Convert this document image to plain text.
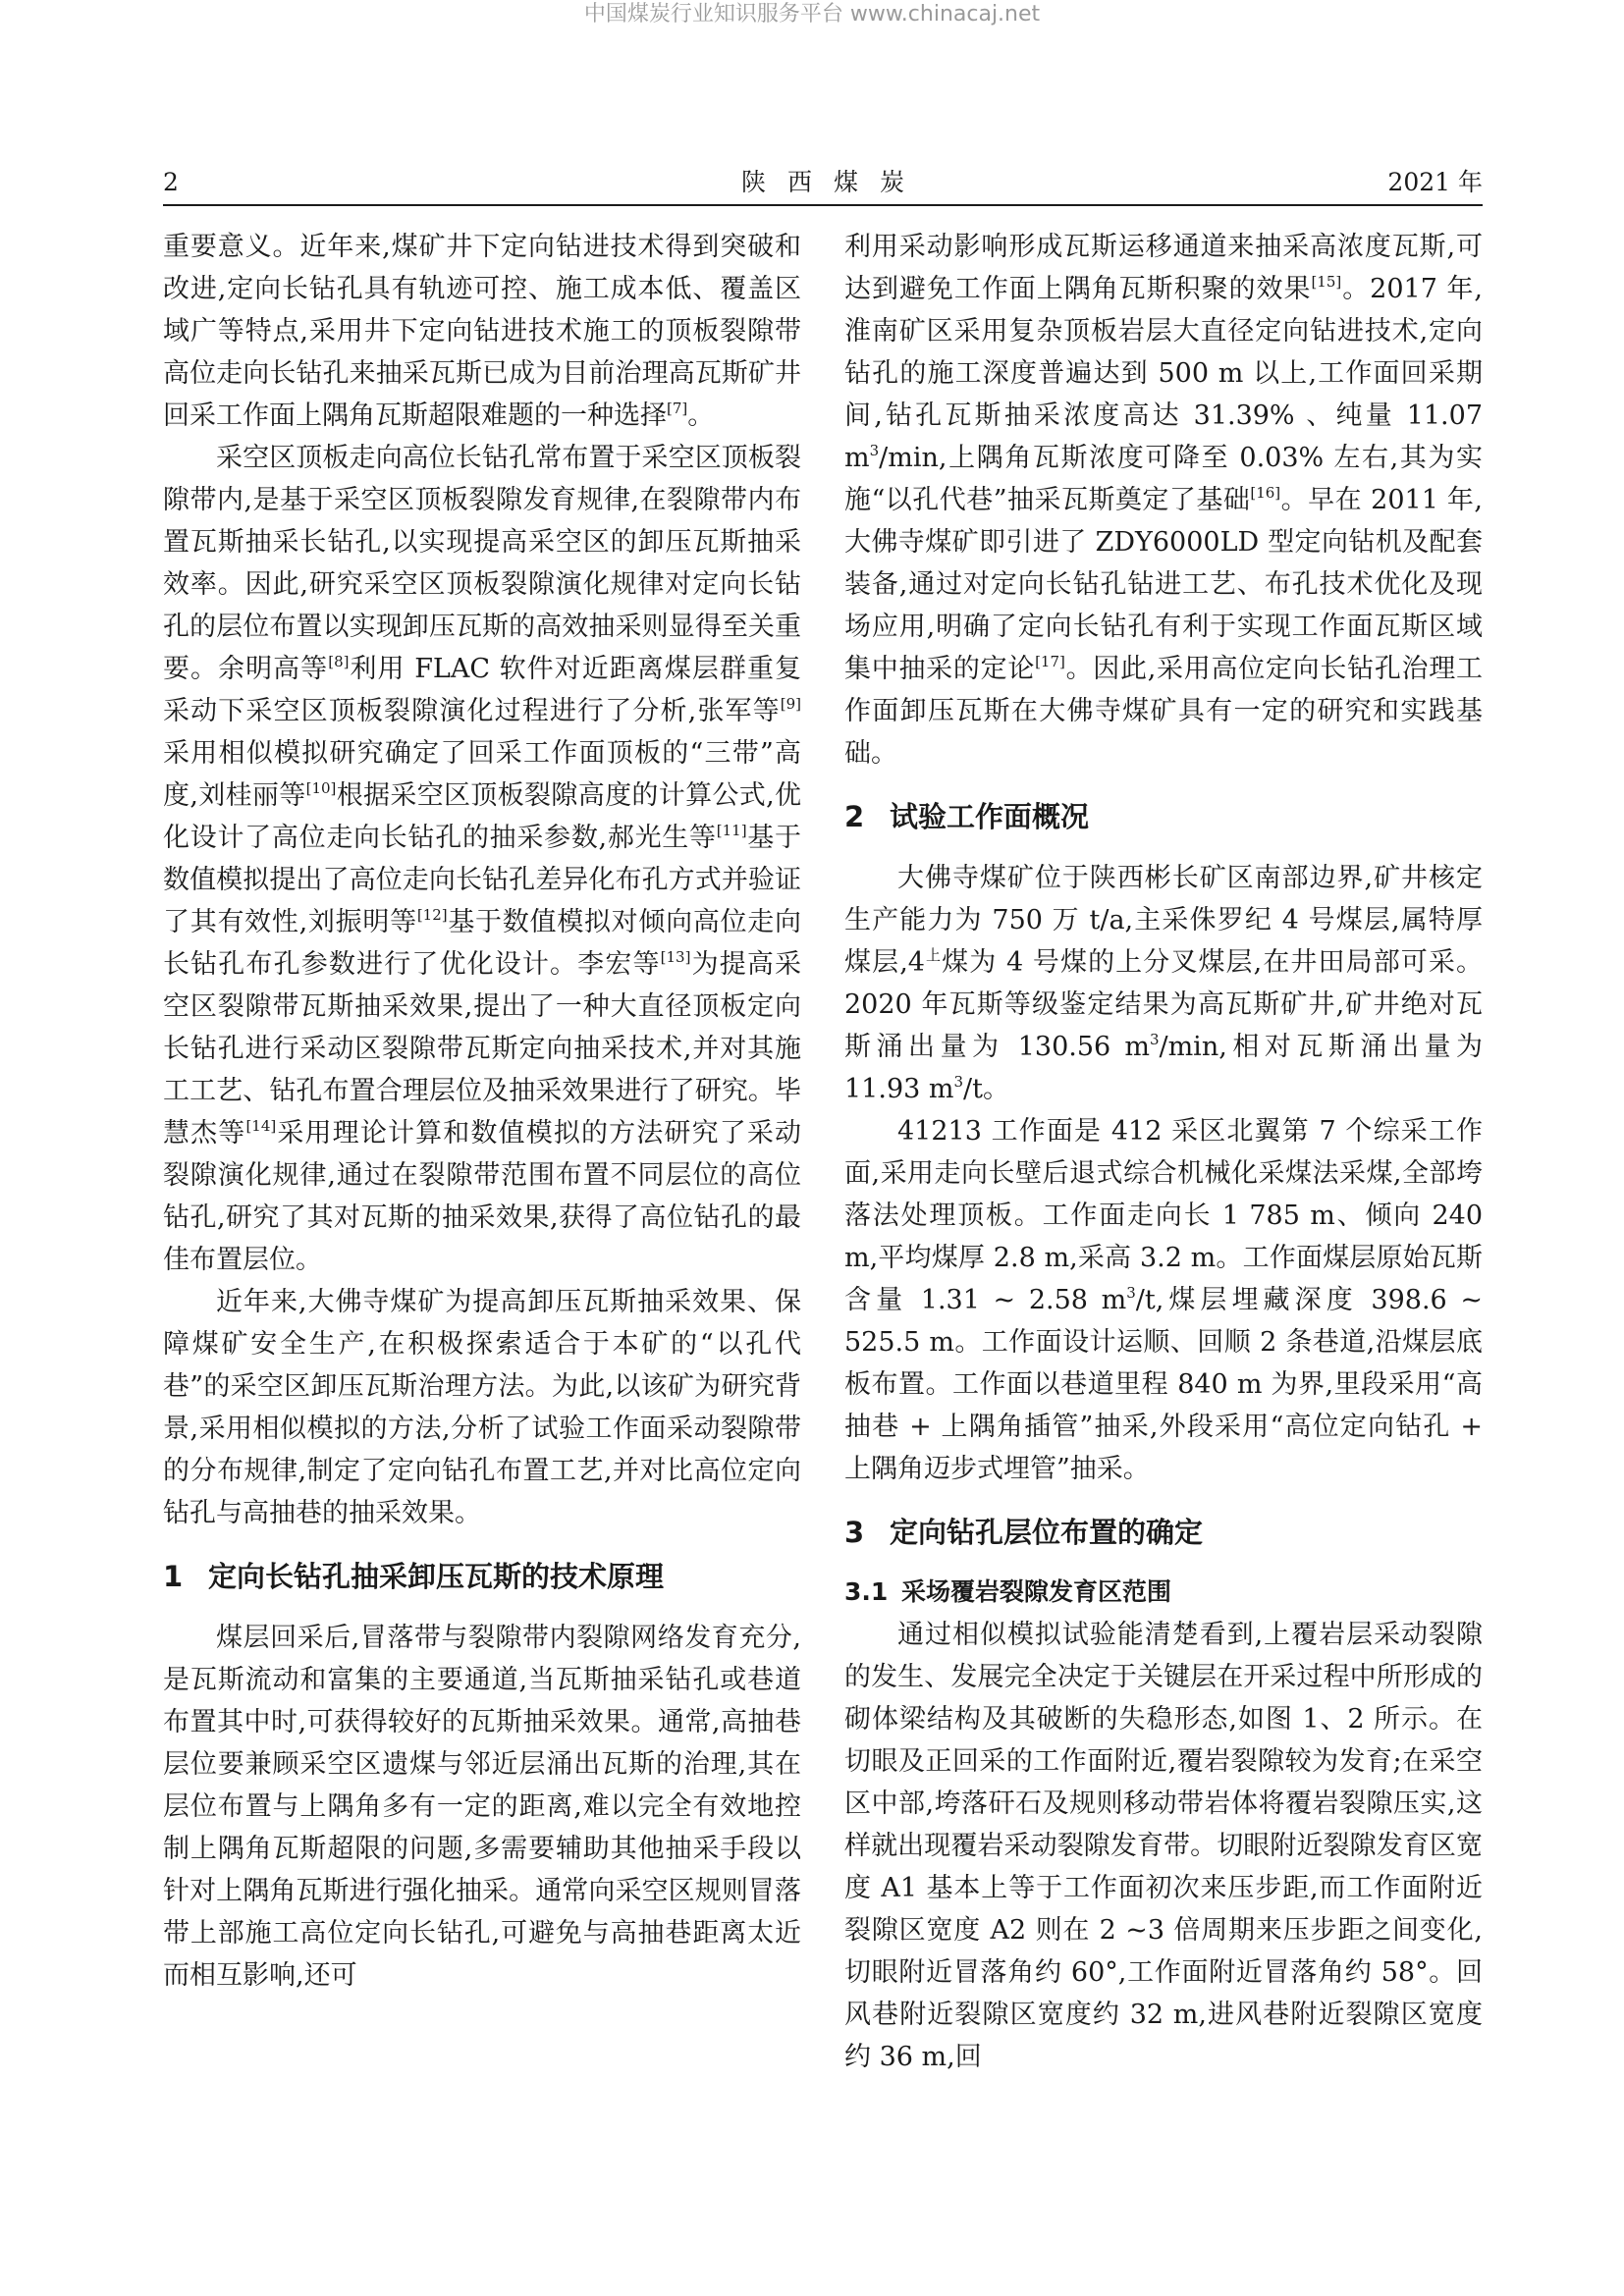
中国煤炭行业知识服务平台 www.chinacaj.net
2	陕西煤炭	2021 年

重要意义。近年来,煤矿井下定向钻进技术得到突破和改进,定向长钻孔具有轨迹可控、施工成本低、覆盖区域广等特点,采用井下定向钻进技术施工的顶板裂隙带高位走向长钻孔来抽采瓦斯已成为目前治理高瓦斯矿井回采工作面上隅角瓦斯超限难题的一种选择[7]。

采空区顶板走向高位长钻孔常布置于采空区顶板裂隙带内,是基于采空区顶板裂隙发育规律,在裂隙带内布置瓦斯抽采长钻孔,以实现提高采空区的卸压瓦斯抽采效率。因此,研究采空区顶板裂隙演化规律对定向长钻孔的层位布置以实现卸压瓦斯的高效抽采则显得至关重要。余明高等[8]利用 FLAC 软件对近距离煤层群重复采动下采空区顶板裂隙演化过程进行了分析,张军等[9]采用相似模拟研究确定了回采工作面顶板的“三带”高度,刘桂丽等[10]根据采空区顶板裂隙高度的计算公式,优化设计了高位走向长钻孔的抽采参数,郝光生等[11]基于数值模拟提出了高位走向长钻孔差异化布孔方式并验证了其有效性,刘振明等[12]基于数值模拟对倾向高位走向长钻孔布孔参数进行了优化设计。李宏等[13]为提高采空区裂隙带瓦斯抽采效果,提出了一种大直径顶板定向长钻孔进行采动区裂隙带瓦斯定向抽采技术,并对其施工工艺、钻孔布置合理层位及抽采效果进行了研究。毕慧杰等[14]采用理论计算和数值模拟的方法研究了采动裂隙演化规律,通过在裂隙带范围布置不同层位的高位钻孔,研究了其对瓦斯的抽采效果,获得了高位钻孔的最佳布置层位。

近年来,大佛寺煤矿为提高卸压瓦斯抽采效果、保障煤矿安全生产,在积极探索适合于本矿的“以孔代巷”的采空区卸压瓦斯治理方法。为此,以该矿为研究背景,采用相似模拟的方法,分析了试验工作面采动裂隙带的分布规律,制定了定向钻孔布置工艺,并对比高位定向钻孔与高抽巷的抽采效果。

1 定向长钻孔抽采卸压瓦斯的技术原理

煤层回采后,冒落带与裂隙带内裂隙网络发育充分,是瓦斯流动和富集的主要通道,当瓦斯抽采钻孔或巷道布置其中时,可获得较好的瓦斯抽采效果。通常,高抽巷层位要兼顾采空区遗煤与邻近层涌出瓦斯的治理,其在层位布置与上隅角多有一定的距离,难以完全有效地控制上隅角瓦斯超限的问题,多需要辅助其他抽采手段以针对上隅角瓦斯进行强化抽采。通常向采空区规则冒落带上部施工高位定向长钻孔,可避免与高抽巷距离太近而相互影响,还可

利用采动影响形成瓦斯运移通道来抽采高浓度瓦斯,可达到避免工作面上隅角瓦斯积聚的效果[15]。2017 年,淮南矿区采用复杂顶板岩层大直径定向钻进技术,定向钻孔的施工深度普遍达到 500 m 以上,工作面回采期间,钻孔瓦斯抽采浓度高达 31.39% 、纯量 11.07 $m^3/\min$,上隅角瓦斯浓度可降至 0.03% 左右,其为实施“以孔代巷”抽采瓦斯奠定了基础[16]。早在 2011 年,大佛寺煤矿即引进了 ZDY6000LD 型定向钻机及配套装备,通过对定向长钻孔钻进工艺、布孔技术优化及现场应用,明确了定向长钻孔有利于实现工作面瓦斯区域集中抽采的定论[17]。因此,采用高位定向长钻孔治理工作面卸压瓦斯在大佛寺煤矿具有一定的研究和实践基础。

2 试验工作面概况

大佛寺煤矿位于陕西彬长矿区南部边界,矿井核定生产能力为 750 万 t/a,主采侏罗纪 4 号煤层,属特厚煤层$,4^上$煤为 4 号煤的上分叉煤层,在井田局部可采。2020 年瓦斯等级鉴定结果为高瓦斯矿井,矿井绝对瓦斯涌出量为 130.56 $m^3/\min$,相对瓦斯涌出量为 11.93 $m^3/t$。

41213 工作面是 412 采区北翼第 7 个综采工作面,采用走向长壁后退式综合机械化采煤法采煤,全部垮落法处理顶板。工作面走向长 1 785 m、倾向 240 m,平均煤厚 2.8 m,采高 3.2 m。工作面煤层原始瓦斯含量 1.31 ~ 2.58 $m^3/t$,煤层埋藏深度 398.6 ~ 525.5 m。工作面设计运顺、回顺 2 条巷道,沿煤层底板布置。工作面以巷道里程 840 m 为界,里段采用“高抽巷 + 上隅角插管”抽采,外段采用“高位定向钻孔 + 上隅角迈步式埋管”抽采。

3 定向钻孔层位布置的确定
3.1 采场覆岩裂隙发育区范围

通过相似模拟试验能清楚看到,上覆岩层采动裂隙的发生、发展完全决定于关键层在开采过程中所形成的砌体梁结构及其破断的失稳形态,如图 1、2 所示。在切眼及正回采的工作面附近,覆岩裂隙较为发育;在采空区中部,垮落矸石及规则移动带岩体将覆岩裂隙压实,这样就出现覆岩采动裂隙发育带。切眼附近裂隙发育区宽度 A1 基本上等于工作面初次来压步距,而工作面附近裂隙区宽度 A2 则在 2 ~3 倍周期来压步距之间变化,切眼附近冒落角约 60°,工作面附近冒落角约 58°。回风巷附近裂隙区宽度约 32 m,进风巷附近裂隙区宽度约 36 m,回
